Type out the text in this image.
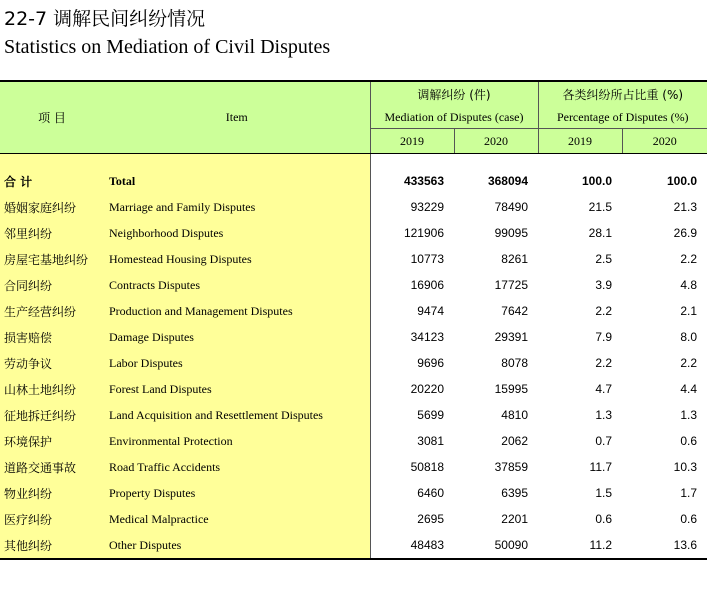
22-7 调解民间纠纷情况
Statistics on Mediation of Civil Disputes
项 目	Item	调解纠纷 (件)		各类纠纷所占比重 (%)	
		Mediation of Disputes (case)		Percentage of Disputes (%)	
		2019	2020	2019	2020

合 计	Total	433563	368094	100.0	100.0
婚姻家庭纠纷	Marriage and Family Disputes	93229	78490	21.5	21.3
邻里纠纷	Neighborhood Disputes	121906	99095	28.1	26.9
房屋宅基地纠纷	Homestead Housing Disputes	10773	8261	2.5	2.2
合同纠纷	Contracts Disputes	16906	17725	3.9	4.8
生产经营纠纷	Production and Management Disputes	9474	7642	2.2	2.1
损害赔偿	Damage Disputes	34123	29391	7.9	8.0
劳动争议	Labor Disputes	9696	8078	2.2	2.2
山林土地纠纷	Forest Land Disputes	20220	15995	4.7	4.4
征地拆迁纠纷	Land Acquisition and Resettlement Disputes	5699	4810	1.3	1.3
环境保护	Environmental Protection	3081	2062	0.7	0.6
道路交通事故	Road Traffic Accidents	50818	37859	11.7	10.3
物业纠纷	Property Disputes	6460	6395	1.5	1.7
医疗纠纷	Medical Malpractice	2695	2201	0.6	0.6
其他纠纷	Other Disputes	48483	50090	11.2	13.6
